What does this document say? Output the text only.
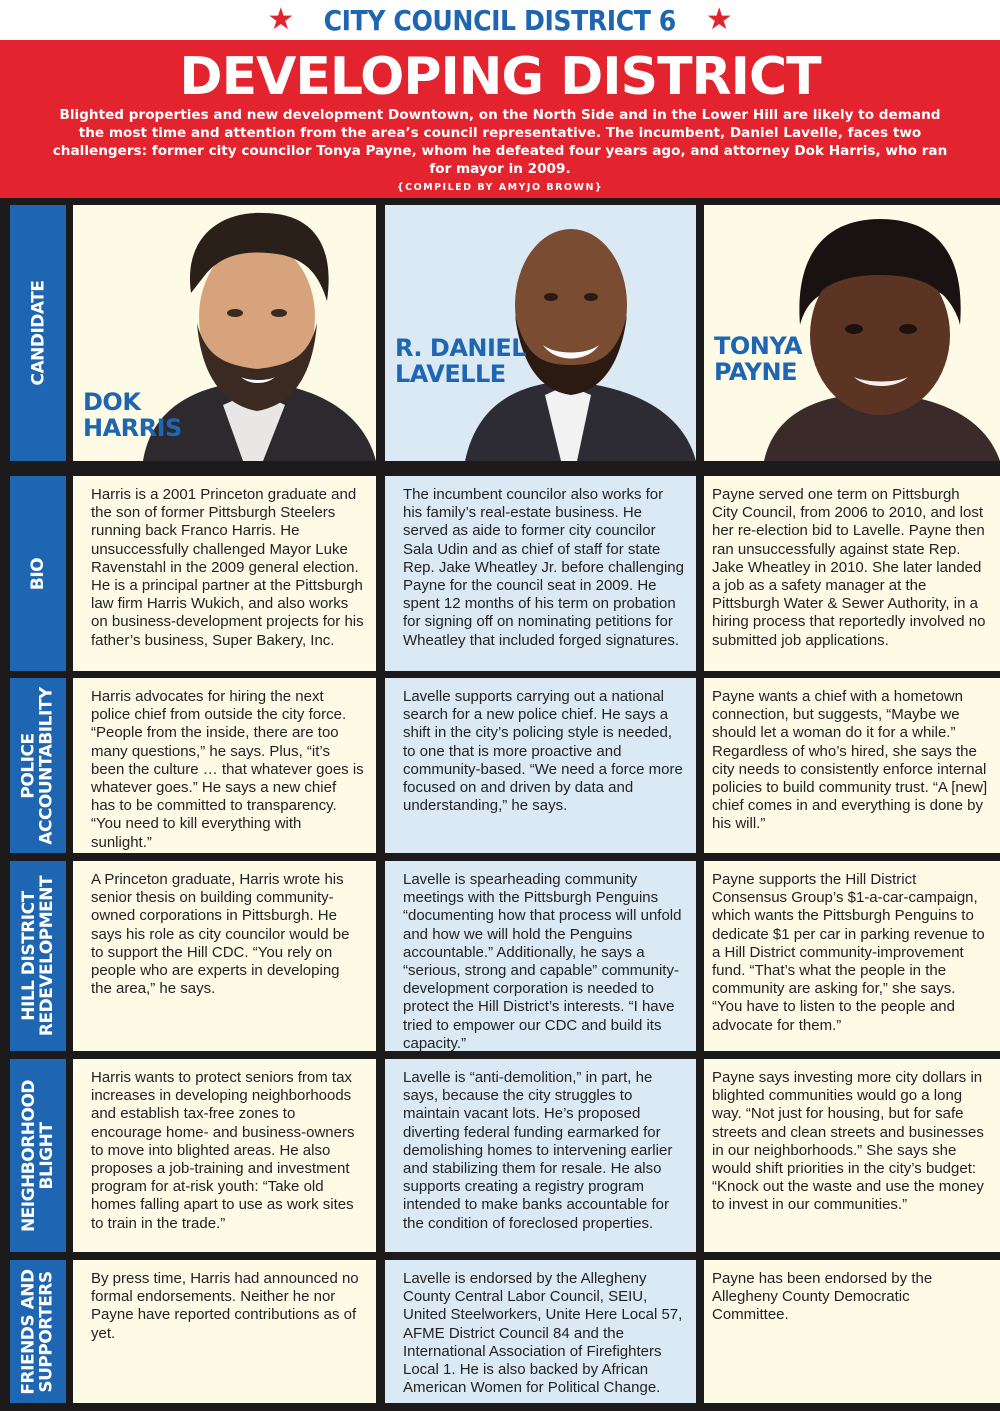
★ CITY COUNCIL DISTRICT 6 ★
DEVELOPING DISTRICT
Blighted properties and new development Downtown, on the North Side and in the Lower Hill are likely to demand the most time and attention from the area’s council representative. The incumbent, Daniel Lavelle, faces two challengers: former city councilor Tonya Payne, whom he defeated four years ago, and attorney Dok Harris, who ran for mayor in 2009.
{COMPILED BY AMYJO BROWN}
CANDIDATE
BIO
POLICE
ACCOUNTABILITY
HILL DISTRICT
REDEVELOPMENT
NEIGHBORHOOD
BLIGHT
FRIENDS AND
SUPPORTERS
DOK
HARRIS
R. DANIEL
LAVELLE
TONYA
PAYNE
Harris is a 2001 Princeton graduate and the son of former Pittsburgh Steelers running back Franco Harris. He unsuccessfully challenged Mayor Luke Ravenstahl in the 2009 general election. He is a principal partner at the Pittsburgh law firm Harris Wukich, and also works on business-development projects for his father’s business, Super Bakery, Inc.
The incumbent councilor also works for his family’s real-estate business. He served as aide to former city councilor Sala Udin and as chief of staff for state Rep. Jake Wheatley Jr. before challenging Payne for the council seat in 2009. He spent 12 months of his term on probation for signing off on nominating petitions for Wheatley that included forged signatures.
Payne served one term on Pittsburgh City Council, from 2006 to 2010, and lost her re-election bid to Lavelle. Payne then ran unsuccessfully against state Rep. Jake Wheatley in 2010. She later landed a job as a safety manager at the Pittsburgh Water & Sewer Authority, in a hiring process that reportedly involved no submitted job applications.
Harris advocates for hiring the next police chief from outside the city force. “People from the inside, there are too many questions,” he says. Plus, “it’s been the culture … that whatever goes is whatever goes.” He says a new chief has to be committed to transparency. “You need to kill everything with sunlight.”
Lavelle supports carrying out a national search for a new police chief. He says a shift in the city’s policing style is needed, to one that is more proactive and community-based. “We need a force more focused on and driven by data and understanding,” he says.
Payne wants a chief with a hometown connection, but suggests, “Maybe we should let a woman do it for a while.” Regardless of who’s hired, she says the city needs to consistently enforce internal policies to build community trust. “A [new] chief comes in and everything is done by his will.”
A Princeton graduate, Harris wrote his senior thesis on building community-owned corporations in Pittsburgh. He says his role as city councilor would be to support the Hill CDC. “You rely on people who are experts in developing the area,” he says.
Lavelle is spearheading community meetings with the Pittsburgh Penguins “documenting how that process will unfold and how we will hold the Penguins accountable.” Additionally, he says a “serious, strong and capable” community-development corporation is needed to protect the Hill District’s interests. “I have tried to empower our CDC and build its capacity.”
Payne supports the Hill District Consensus Group’s $1-a-car-campaign, which wants the Pittsburgh Penguins to dedicate $1 per car in parking revenue to a Hill District community-improvement fund. “That’s what the people in the community are asking for,” she says. “You have to listen to the people and advocate for them.”
Harris wants to protect seniors from tax increases in developing neighborhoods and establish tax-free zones to encourage home- and business-owners to move into blighted areas. He also proposes a job-training and investment program for at-risk youth: “Take old homes falling apart to use as work sites to train in the trade.”
Lavelle is “anti-demolition,” in part, he says, because the city struggles to maintain vacant lots. He’s proposed diverting federal funding earmarked for demolishing homes to intervening earlier and stabilizing them for resale. He also supports creating a registry program intended to make banks accountable for the condition of foreclosed properties.
Payne says investing more city dollars in blighted communities would go a long way. “Not just for housing, but for safe streets and clean streets and businesses in our neighborhoods.” She says she would shift priorities in the city’s budget: “Knock out the waste and use the money to invest in our communities.”
By press time, Harris had announced no formal endorsements. Neither he nor Payne have reported contributions as of yet.
Lavelle is endorsed by the Allegheny County Central Labor Council, SEIU, United Steelworkers, Unite Here Local 57, AFME District Council 84 and the International Association of Firefighters Local 1. He is also backed by African American Women for Political Change.
Payne has been endorsed by the Allegheny County Democratic Committee.
